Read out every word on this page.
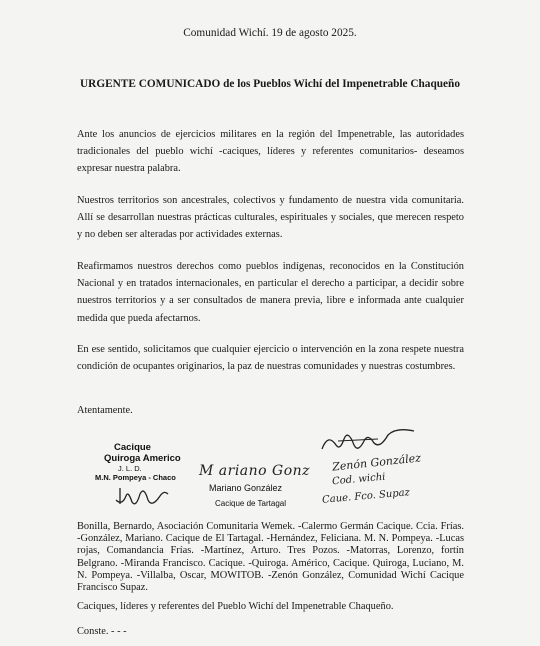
Comunidad Wichí. 19 de agosto 2025.
URGENTE COMUNICADO de los Pueblos Wichí del Impenetrable Chaqueño
Ante los anuncios de ejercicios militares en la región del Impenetrable, las autoridades tradicionales del pueblo wichí -caciques, líderes y referentes comunitarios- deseamos expresar nuestra palabra.
Nuestros territorios son ancestrales, colectivos y fundamento de nuestra vida comunitaria. Allí se desarrollan nuestras prácticas culturales, espirituales y sociales, que merecen respeto y no deben ser alteradas por actividades externas.
Reafirmamos nuestros derechos como pueblos indígenas, reconocidos en la Constitución Nacional y en tratados internacionales, en particular el derecho a participar, a decidir sobre nuestros territorios y a ser consultados de manera previa, libre e informada ante cualquier medida que pueda afectarnos.
En ese sentido, solicitamos que cualquier ejercicio o intervención en la zona respete nuestra condición de ocupantes originarios, la paz de nuestras comunidades y nuestras costumbres.
Atentamente.
Cacique
Quiroga Americo
J. L. D.
M.N. Pompeya - Chaco M ariano Gonz
Mariano González
Cacique de Tartagal
Zenón González
Cod. wichi
Caue. Fco. Supaz
Bonilla, Bernardo, Asociación Comunitaria Wemek. -Calermo Germán Cacique. Ccia. Frías. -González, Mariano. Cacique de El Tartagal. -Hernández, Feliciana. M. N. Pompeya. -Lucas rojas, Comandancia Frías. -Martínez, Arturo. Tres Pozos. -Matorras, Lorenzo, fortín Belgrano. -Miranda Francisco. Cacique. -Quiroga. Américo, Cacique. Quiroga, Luciano, M. N. Pompeya. -Villalba, Oscar, MOWITOB. -Zenón González, Comunidad Wichí Cacique Francisco Supaz.
Caciques, líderes y referentes del Pueblo Wichí del Impenetrable Chaqueño.
Conste. - - -
